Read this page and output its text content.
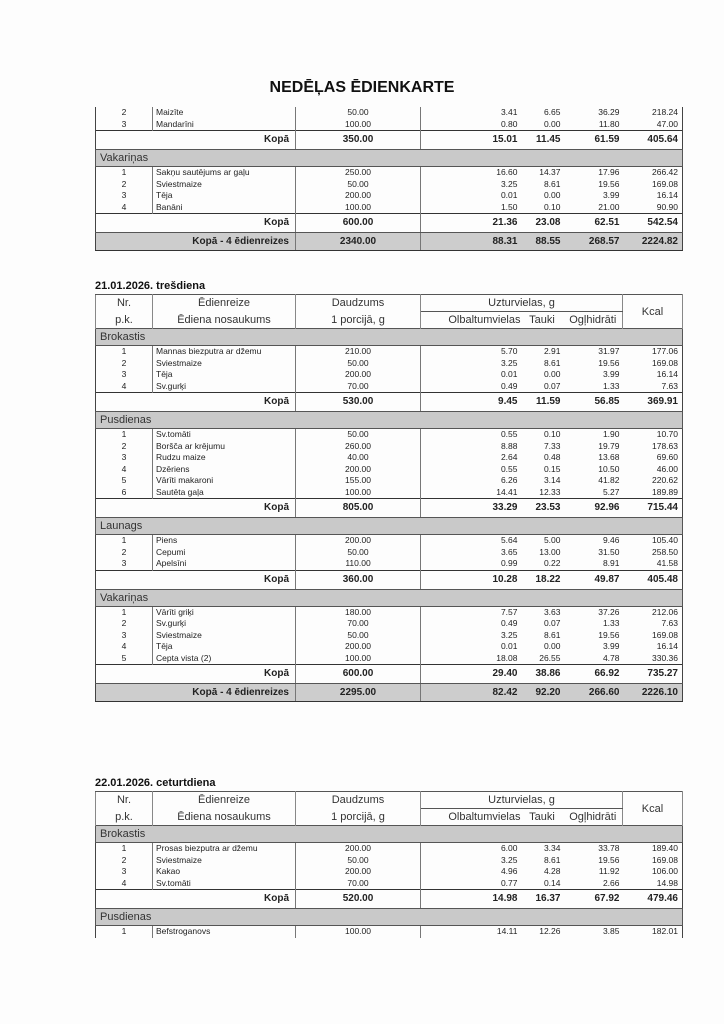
NEDĒĻAS ĒDIENKARTE
2	Maizīte	50.00	3.41	6.65	36.29	218.24
3	Mandarīni	100.00	0.80	0.00	11.80	47.00
Kopā		350.00	15.01	11.45	61.59	405.64
Vakariņas						
1	Sakņu sautējums ar gaļu	250.00	16.60	14.37	17.96	266.42
2	Sviestmaize	50.00	3.25	8.61	19.56	169.08
3	Tēja	200.00	0.01	0.00	3.99	16.14
4	Banāni	100.00	1.50	0.10	21.00	90.90
Kopā		600.00	21.36	23.08	62.51	542.54
Kopā - 4 ēdienreizes		2340.00	88.31	88.55	268.57	2224.82
21.01.2026. trešdiena
Nr.	Ēdienreize	Daudzums	Uzturvielas, g			Kcal
p.k.	Ēdiena nosaukums	1 porcijā, g	Olbaltumvielas	Tauki	Ogļhidrāti	
Brokastis						
1	Mannas biezputra ar džemu	210.00	5.70	2.91	31.97	177.06
2	Sviestmaize	50.00	3.25	8.61	19.56	169.08
3	Tēja	200.00	0.01	0.00	3.99	16.14
4	Sv.gurķi	70.00	0.49	0.07	1.33	7.63
Kopā		530.00	9.45	11.59	56.85	369.91
Pusdienas						
1	Sv.tomāti	50.00	0.55	0.10	1.90	10.70
2	Boršča ar krējumu	260.00	8.88	7.33	19.79	178.63
3	Rudzu maize	40.00	2.64	0.48	13.68	69.60
4	Dzēriens	200.00	0.55	0.15	10.50	46.00
5	Vārīti makaroni	155.00	6.26	3.14	41.82	220.62
6	Sautēta gaļa	100.00	14.41	12.33	5.27	189.89
Kopā		805.00	33.29	23.53	92.96	715.44
Launags						
1	Piens	200.00	5.64	5.00	9.46	105.40
2	Cepumi	50.00	3.65	13.00	31.50	258.50
3	Apelsīni	110.00	0.99	0.22	8.91	41.58
Kopā		360.00	10.28	18.22	49.87	405.48
Vakariņas						
1	Vārīti griķi	180.00	7.57	3.63	37.26	212.06
2	Sv.gurķi	70.00	0.49	0.07	1.33	7.63
3	Sviestmaize	50.00	3.25	8.61	19.56	169.08
4	Tēja	200.00	0.01	0.00	3.99	16.14
5	Cepta vista (2)	100.00	18.08	26.55	4.78	330.36
Kopā		600.00	29.40	38.86	66.92	735.27
Kopā - 4 ēdienreizes		2295.00	82.42	92.20	266.60	2226.10
22.01.2026. ceturtdiena
Nr.	Ēdienreize	Daudzums	Uzturvielas, g			Kcal
p.k.	Ēdiena nosaukums	1 porcijā, g	Olbaltumvielas	Tauki	Ogļhidrāti	
Brokastis						
1	Prosas biezputra ar džemu	200.00	6.00	3.34	33.78	189.40
2	Sviestmaize	50.00	3.25	8.61	19.56	169.08
3	Kakao	200.00	4.96	4.28	11.92	106.00
4	Sv.tomāti	70.00	0.77	0.14	2.66	14.98
Kopā		520.00	14.98	16.37	67.92	479.46
Pusdienas						
1	Befstroganovs	100.00	14.11	12.26	3.85	182.01
